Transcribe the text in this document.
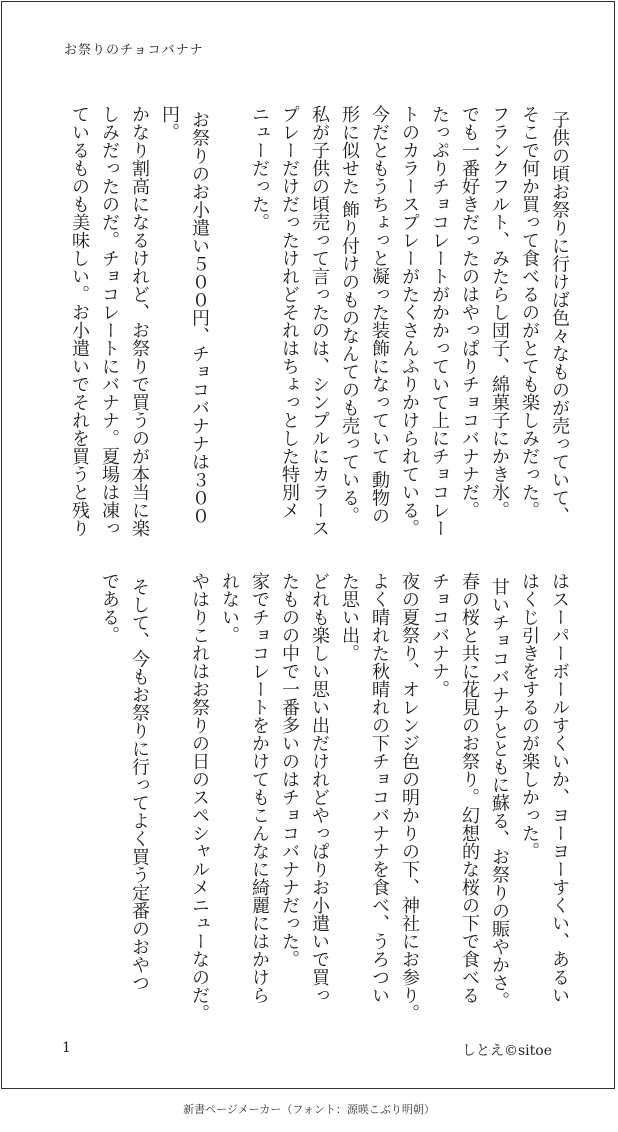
お祭りのチョコバナナ
子供の頃お祭りに行けば色々なものが売っていて、
そこで何か買って食べるのがとても楽しみだった。
フランクフルト、みたらし団子、綿菓子にかき氷。
でも一番好きだったのはやっぱりチョコバナナだ。
たっぷりチョコレートがかかっていて上にチョコレー
トのカラースプレーがたくさんふりかけられている。
今だともうちょっと凝った装飾になっていて 動物の
形に似せた 飾り付けのものなんてのも売っている。
私が子供の頃売って言ったのは、シンプルにカラース
プレーだけだったけれどそれはちょっとした特別メ
ニューだった。

お祭りのお小遣い５００円、チョコバナナは３００
円。
かなり割高になるけれど、お祭りで買うのが本当に楽
しみだったのだ。チョコレートにバナナ。夏場は凍っ
ているものも美味しい。お小遣いでそれを買うと残り
はスーパーボールすくいか、ヨーヨーすくい、あるい
はくじ引きをするのが楽しかった。
甘いチョコバナナとともに蘇る、お祭りの賑やかさ。
春の桜と共に花見のお祭り。幻想的な桜の下で食べる
チョコバナナ。
夜の夏祭り、オレンジ色の明かりの下、神社にお参り。
よく晴れた秋晴れの下チョコバナナを食べ、うろつい
た思い出。
どれも楽しい思い出だけれどやっぱりお小遣いで買っ
たものの中で一番多いのはチョコバナナだった。
家でチョコレートをかけてもこんなに綺麗にはかけら
れない。
やはりこれはお祭りの日のスペシャルメニューなのだ。

そして、今もお祭りに行ってよく買う定番のおやつ
である。
1	しとえ©sitoe
新書ページメーカー（フォント：源暎こぶり明朝）
